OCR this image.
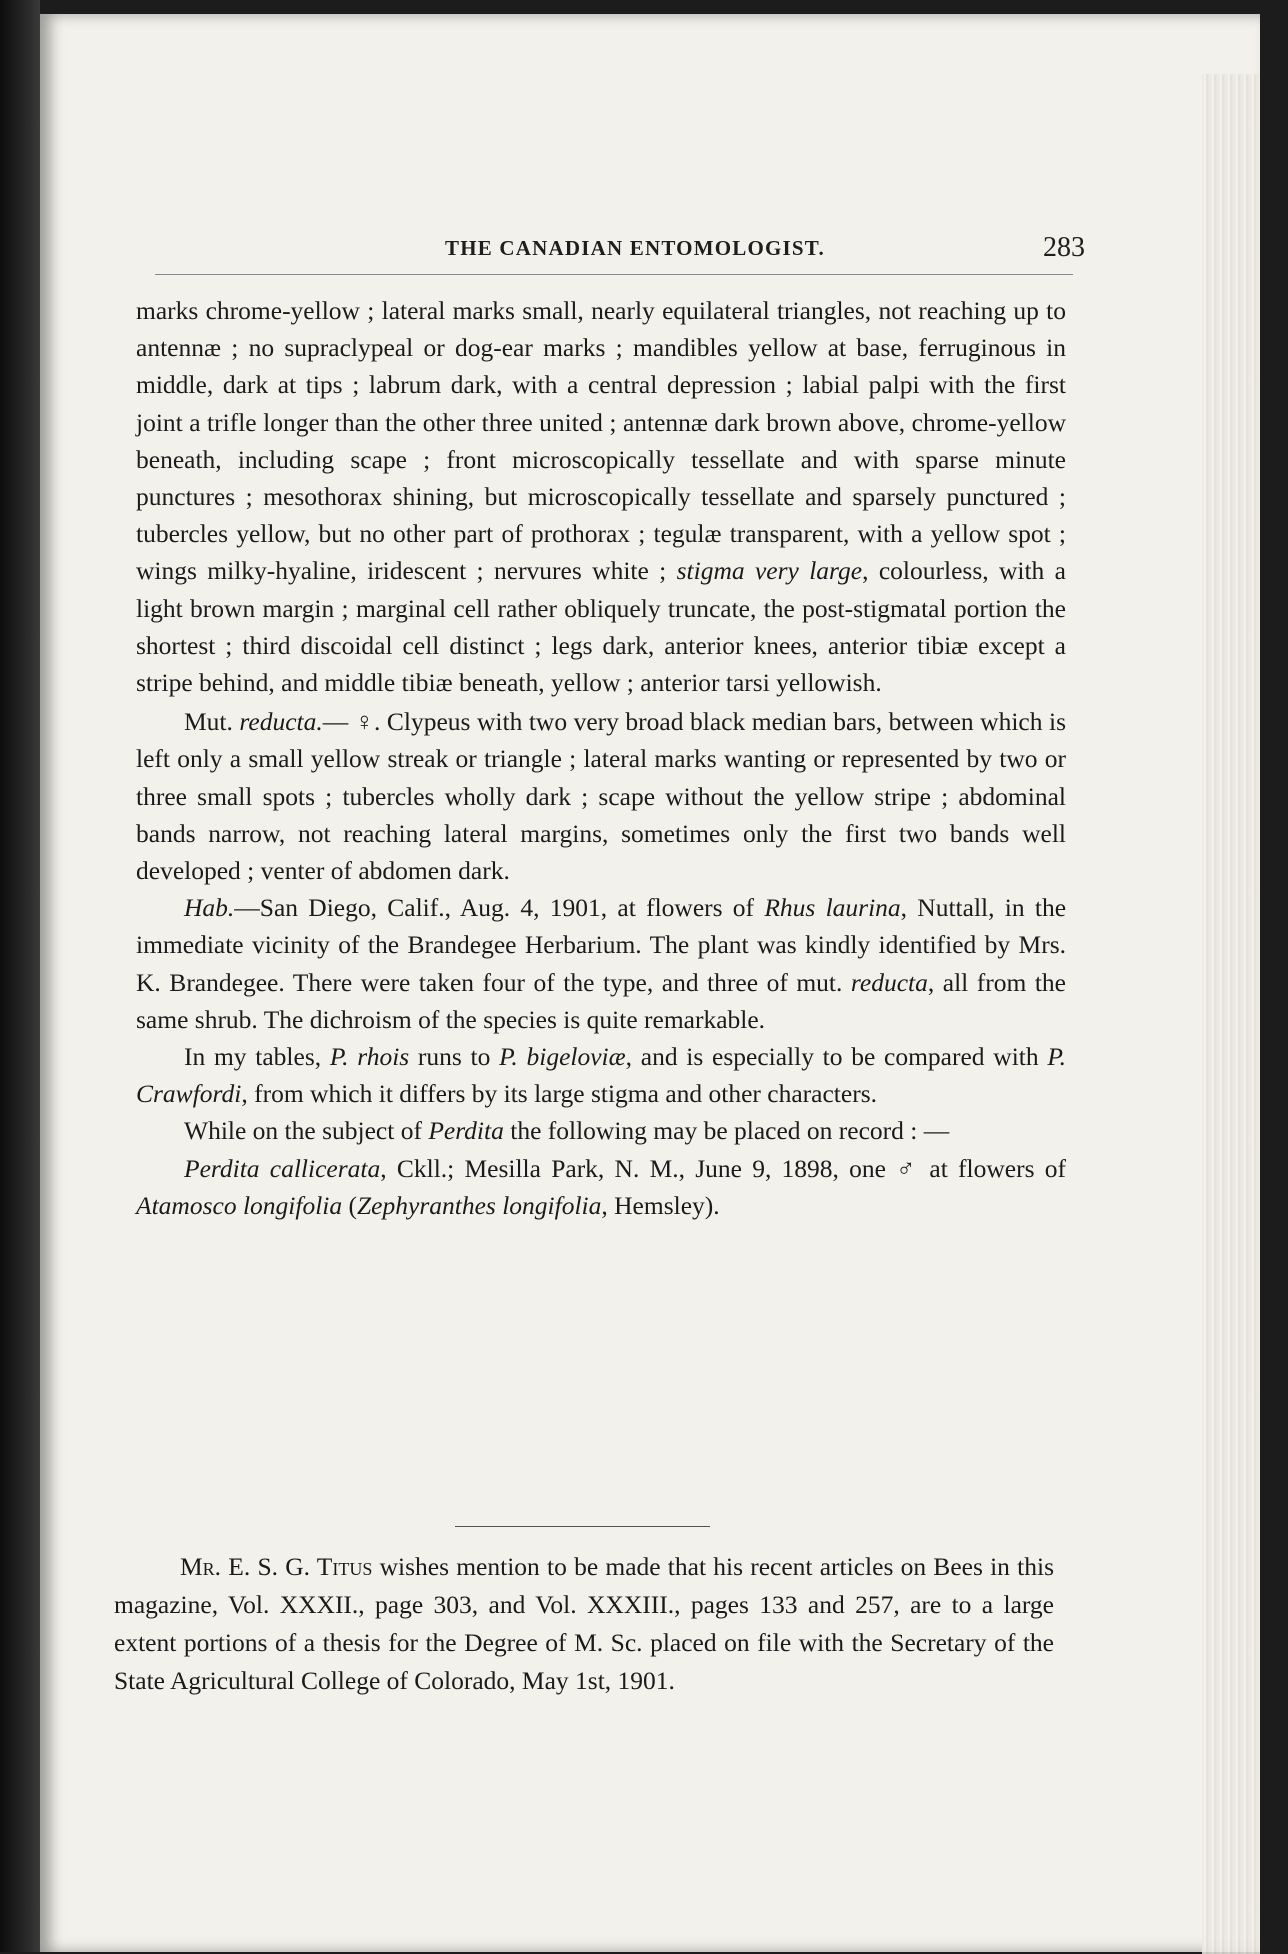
THE CANADIAN ENTOMOLOGIST.	283

marks chrome-yellow ; lateral marks small, nearly equilateral triangles, not reaching up to antennæ ; no supraclypeal or dog-ear marks ; mandibles yellow at base, ferruginous in middle, dark at tips ; labrum dark, with a central depression ; labial palpi with the first joint a trifle longer than the other three united ; antennæ dark brown above, chrome-yellow beneath, including scape ; front microscopically tessellate and with sparse minute punctures ; mesothorax shining, but microscopically tessellate and sparsely punctured ; tubercles yellow, but no other part of prothorax ; tegulæ transparent, with a yellow spot ; wings milky-hyaline, iridescent ; nervures white ; stigma very large, colourless, with a light brown margin ; marginal cell rather obliquely truncate, the post-stigmatal portion the shortest ; third discoidal cell distinct ; legs dark, anterior knees, anterior tibiæ except a stripe behind, and middle tibiæ beneath, yellow ; anterior tarsi yellowish.

Mut. reducta.— ♀. Clypeus with two very broad black median bars, between which is left only a small yellow streak or triangle ; lateral marks wanting or represented by two or three small spots ; tubercles wholly dark ; scape without the yellow stripe ; abdominal bands narrow, not reaching lateral margins, sometimes only the first two bands well developed ; venter of abdomen dark.

Hab.—San Diego, Calif., Aug. 4, 1901, at flowers of Rhus laurina, Nuttall, in the immediate vicinity of the Brandegee Herbarium. The plant was kindly identified by Mrs. K. Brandegee. There were taken four of the type, and three of mut. reducta, all from the same shrub. The dichroism of the species is quite remarkable.

In my tables, P. rhois runs to P. bigeloviæ, and is especially to be compared with P. Crawfordi, from which it differs by its large stigma and other characters.

While on the subject of Perdita the following may be placed on record : —

Perdita callicerata, Ckll.; Mesilla Park, N. M., June 9, 1898, one ♂ at flowers of Atamosco longifolia (Zephyranthes longifolia, Hemsley).

Mr. E. S. G. Titus wishes mention to be made that his recent articles on Bees in this magazine, Vol. XXXII., page 303, and Vol. XXXIII., pages 133 and 257, are to a large extent portions of a thesis for the Degree of M. Sc. placed on file with the Secretary of the State Agricultural College of Colorado, May 1st, 1901.
